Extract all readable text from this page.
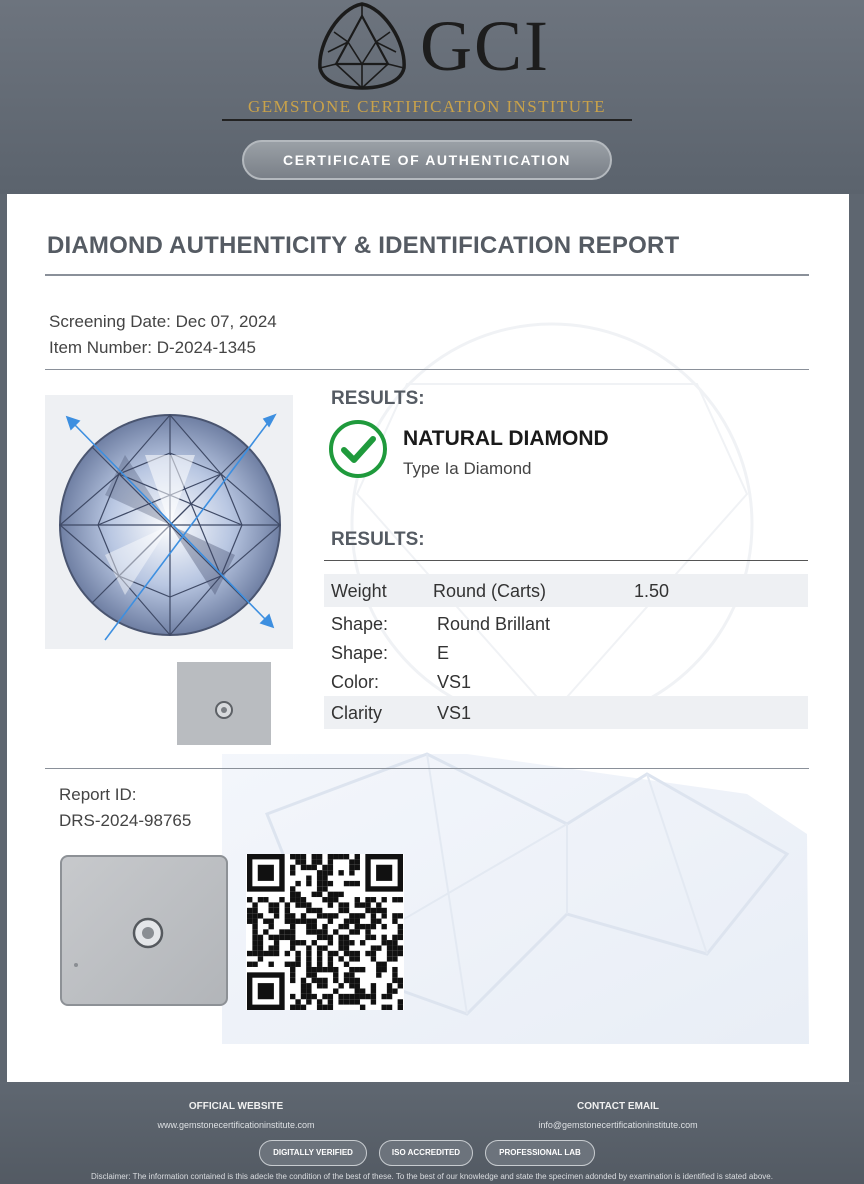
GCI
GEMSTONE CERTIFICATION INSTITUTE
CERTIFICATE OF AUTHENTICATION
DIAMOND AUTHENTICITY & IDENTIFICATION REPORT
Screening Date: Dec 07, 2024
Item Number: D-2024-1345
RESULTS:
NATURAL DIAMOND
Type Ia Diamond
RESULTS:
Weight	Round (Carts)	1.50
Shape:	Round Brillant
Shape:	E
Color:	VS1
Clarity	VS1
Report ID:
DRS-2024-98765
OFFICIAL WEBSITE
www.gemstonecertificationinstitute.com
CONTACT EMAIL
info@gemstonecertificationinstitute.com
DIGITALLY VERIFIED	ISO ACCREDITED	PROFESSIONAL LAB
Disclaimer: The information contained is this adecle the condition of the best of these. To the best of our knowledge and state the specimen adonded by examination is identified is stated above.
